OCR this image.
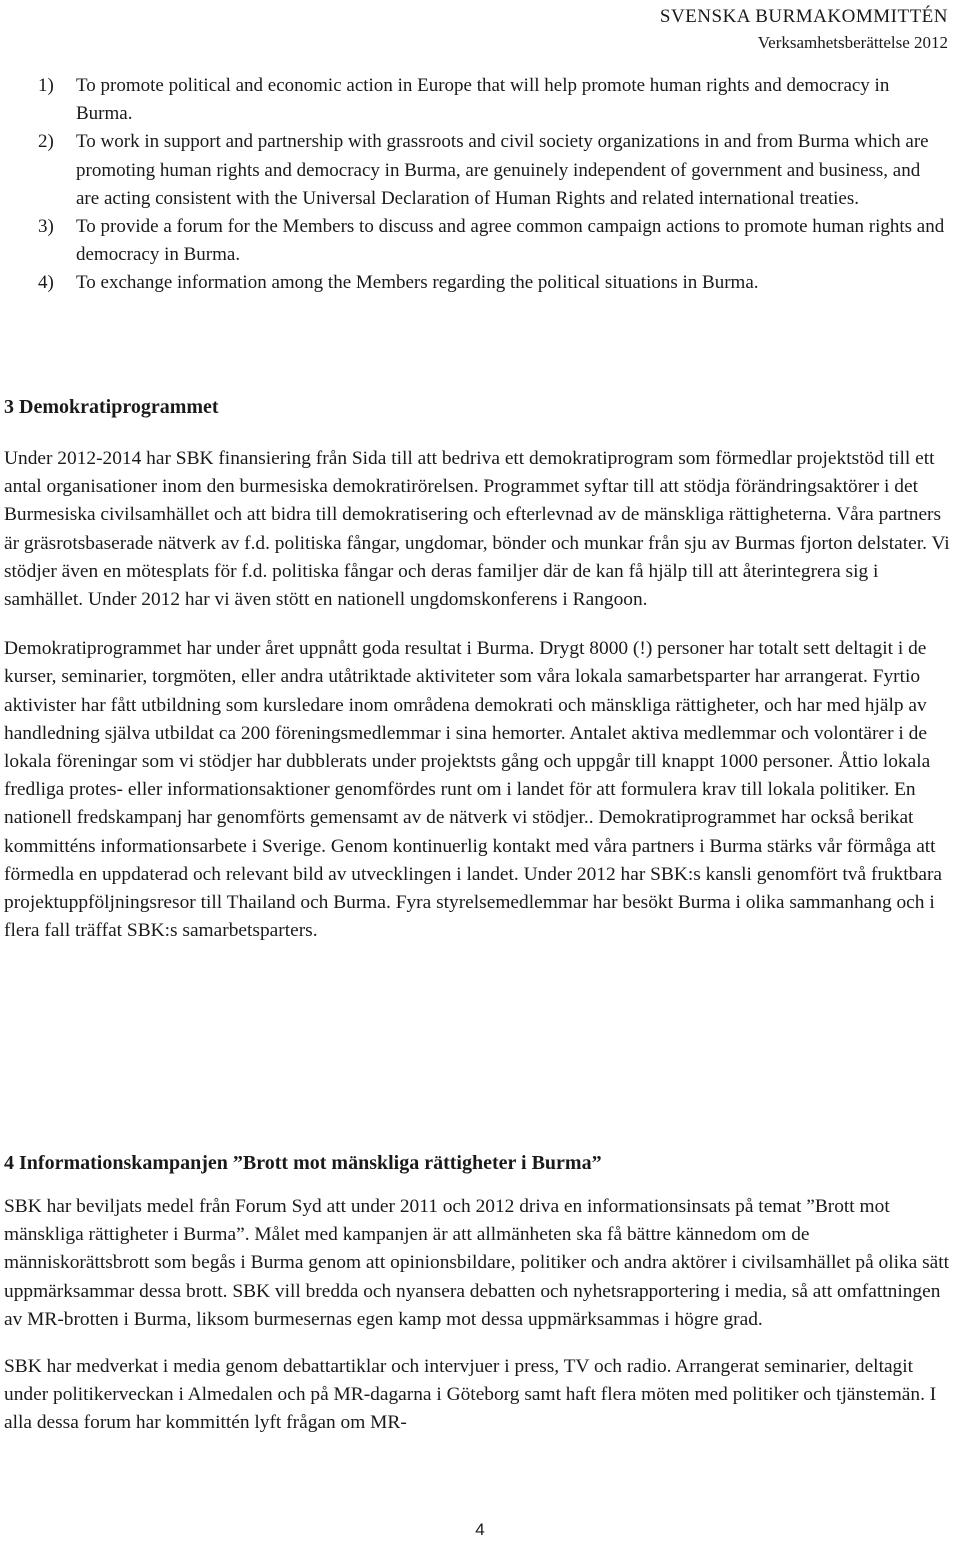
SVENSKA BURMAKOMMITTÉN
Verksamhetsberättelse 2012
1)	To promote political and economic action in Europe that will help promote human rights and democracy in Burma.
2)	To work in support and partnership with grassroots and civil society organizations in and from Burma which are promoting human rights and democracy in Burma, are genuinely independent of government and business, and are acting consistent with the Universal Declaration of Human Rights and related international treaties.
3)	To provide a forum for the Members to discuss and agree common campaign actions to promote human rights and democracy in Burma.
4)	To exchange information among the Members regarding the political situations in Burma.
3 Demokratiprogrammet

Under 2012-2014 har SBK finansiering från Sida till att bedriva ett demokratiprogram som förmedlar projektstöd till ett antal organisationer inom den burmesiska demokratirörelsen. Programmet syftar till att stödja förändringsaktörer i det Burmesiska civilsamhället och att bidra till demokratisering och efterlevnad av de mänskliga rättigheterna. Våra partners är gräsrotsbaserade nätverk av f.d. politiska fångar, ungdomar, bönder och munkar från sju av Burmas fjorton delstater. Vi stödjer även en mötesplats för f.d. politiska fångar och deras familjer där de kan få hjälp till att återintegrera sig i samhället. Under 2012 har vi även stött en nationell ungdomskonferens i Rangoon.

Demokratiprogrammet har under året uppnått goda resultat i Burma. Drygt 8000 (!) personer har totalt sett deltagit i de kurser, seminarier, torgmöten, eller andra utåtriktade aktiviteter som våra lokala samarbetsparter har arrangerat. Fyrtio aktivister har fått utbildning som kursledare inom områdena demokrati och mänskliga rättigheter, och har med hjälp av handledning själva utbildat ca 200 föreningsmedlemmar i sina hemorter. Antalet aktiva medlemmar och volontärer i de lokala föreningar som vi stödjer har dubblerats under projektsts gång och uppgår till knappt 1000 personer. Åttio lokala fredliga protes- eller informationsaktioner genomfördes runt om i landet för att formulera krav till lokala politiker. En nationell fredskampanj har genomförts gemensamt av de nätverk vi stödjer.. Demokratiprogrammet har också berikat kommitténs informationsarbete i Sverige. Genom kontinuerlig kontakt med våra partners i Burma stärks vår förmåga att förmedla en uppdaterad och relevant bild av utvecklingen i landet. Under 2012 har SBK:s kansli genomfört två fruktbara projektuppföljningsresor till Thailand och Burma. Fyra styrelsemedlemmar har besökt Burma i olika sammanhang och i flera fall träffat SBK:s samarbetsparters.

4 Informationskampanjen ”Brott mot mänskliga rättigheter i Burma”

SBK har beviljats medel från Forum Syd att under 2011 och 2012 driva en informationsinsats på temat ”Brott mot mänskliga rättigheter i Burma”. Målet med kampanjen är att allmänheten ska få bättre kännedom om de människorättsbrott som begås i Burma genom att opinionsbildare, politiker och andra aktörer i civilsamhället på olika sätt uppmärksammar dessa brott. SBK vill bredda och nyansera debatten och nyhetsrapportering i media, så att omfattningen av MR-brotten i Burma, liksom burmesernas egen kamp mot dessa uppmärksammas i högre grad.

SBK har medverkat i media genom debattartiklar och intervjuer i press, TV och radio. Arrangerat seminarier, deltagit under politikerveckan i Almedalen och på MR-dagarna i Göteborg samt haft flera möten med politiker och tjänstemän. I alla dessa forum har kommittén lyft frågan om MR-

4
